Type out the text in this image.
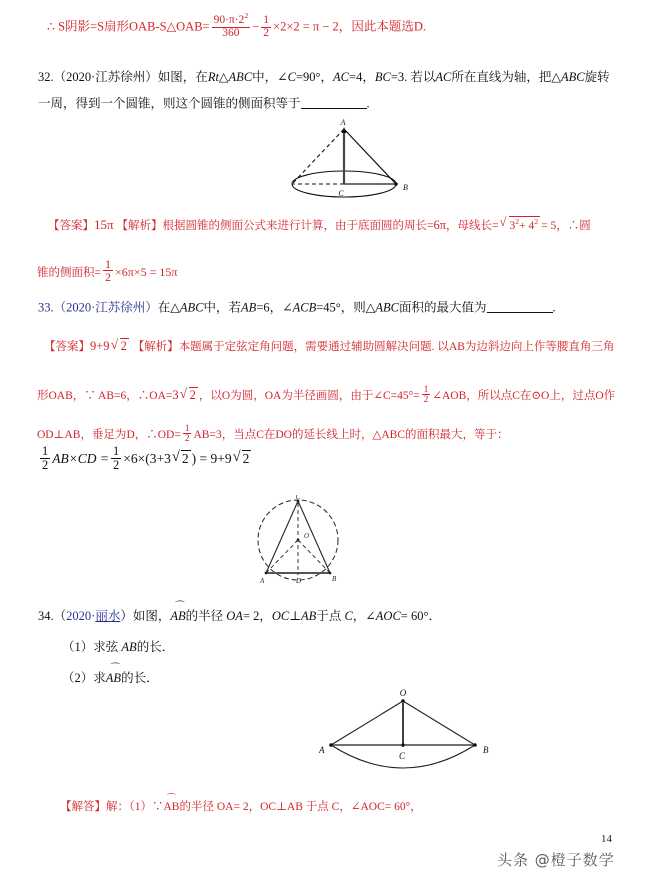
∴ S阴影=S扇形OAB-S△OAB= $\frac{90\cdot\pi\cdot 2^2}{360} - \frac{1}{2} \times 2\times 2 = \pi - 2$，因此本题选D.
32.（2020·江苏徐州）如图，在Rt△ABC中，∠C=90°，AC=4，BC=3. 若以AC所在直线为轴，把△ABC旋转
一周，得到一个圆锥，则这个圆锥的侧面积等于	.
A
C
B
【答案】15π 【解析】根据圆锥的侧面公式来进行计算，由于底面圆的周长=6π，母线长= √ $3^2+ 4^2 = 5$，∴圆
锥的侧面积= $\frac{1}{2} \times 6\pi\times 5 = 15\pi$
33.（2020·江苏徐州）在△ABC中，若AB=6，∠ACB=45°，则△ABC面积的最大值为	.
【答案】9+9 √ 2 【解析】本题属于定弦定角问题，需要通过辅助圆解决问题. 以AB为边斜边向上作等腰直角三角
形OAB，∵ AB=6，∴OA=3 √ 2 ，以O为圆，OA为半径画圆，由于∠C=45°= $\frac{1}{2}$ ∠AOB，所以点C在⊙O上，过点O作
OD⊥AB，垂足为D，∴OD= $\frac{1}{2} AB=3$，当点C在DO的延长线上时，△ABC的面积最大，等于：
$\frac{1}{2} AB\times CD = \frac{1}{2} \times 6\times(3+3$ √ 2 ) = 9+9 √ 2
C
O
A	D	B
34.（2020·丽水）如图，⌒ AB的半径 OA= 2，OC⊥AB于点 C，∠AOC= 60°．
（1）求弦 AB的长．
（2）求⌒ AB的长．
O
A
C
B
【解答】解：（1）∵⌒ AB的半径 OA= 2，OC⊥AB 于点 C，∠AOC= 60°，
14
头条 @橙子数学
